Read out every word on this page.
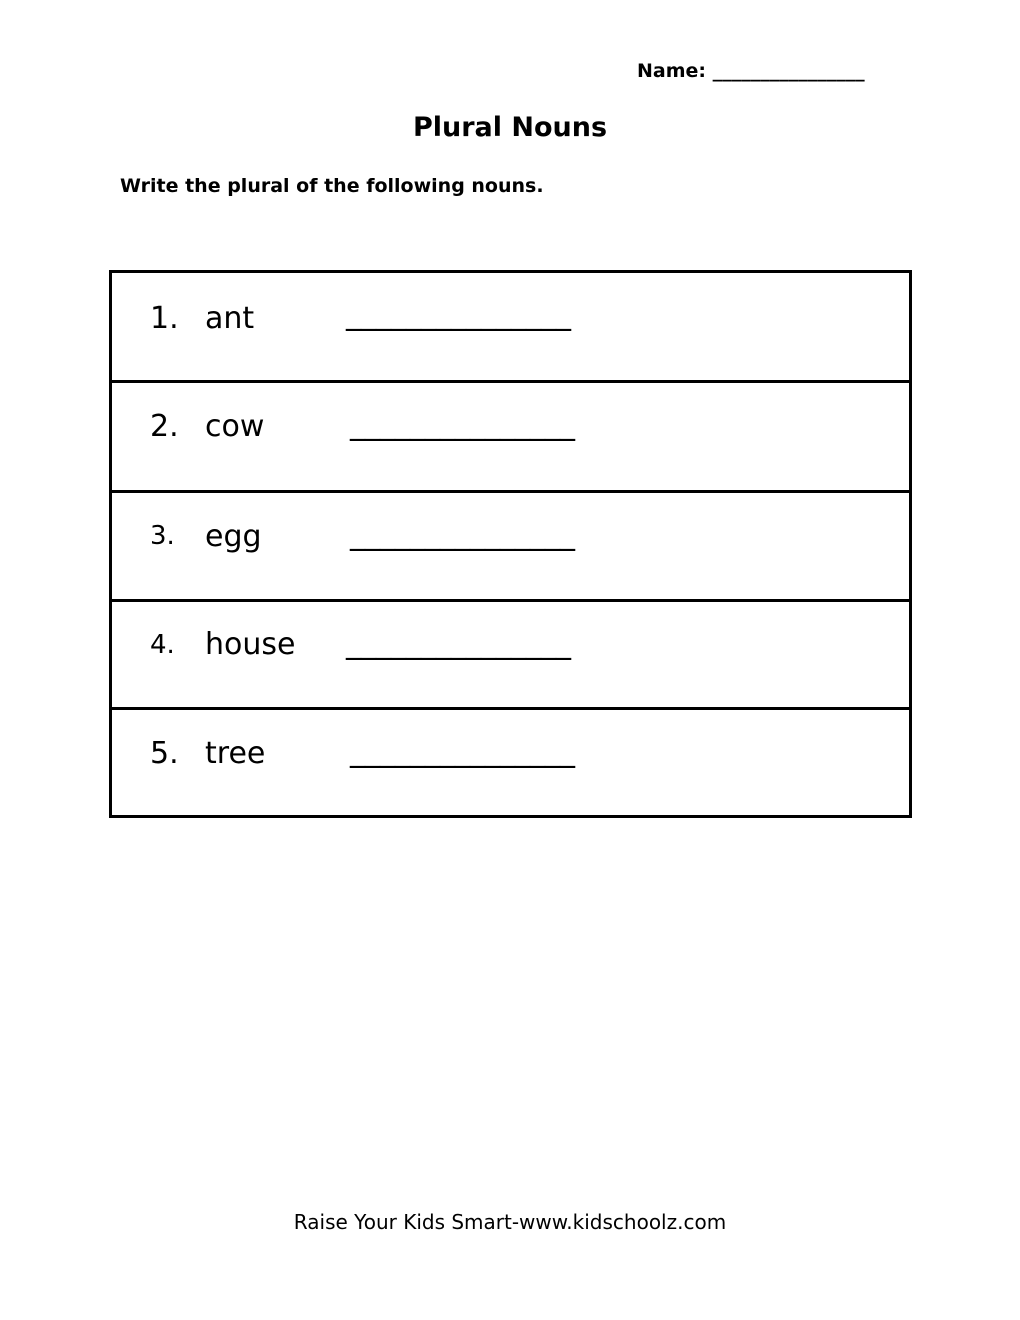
Name: ________________
Plural Nouns
Write the plural of the following nouns.
1. ant	_______________
2. cow	_______________
3. egg	_______________
4. house _______________
5. tree	_______________
Raise Your Kids Smart-www.kidschoolz.com
